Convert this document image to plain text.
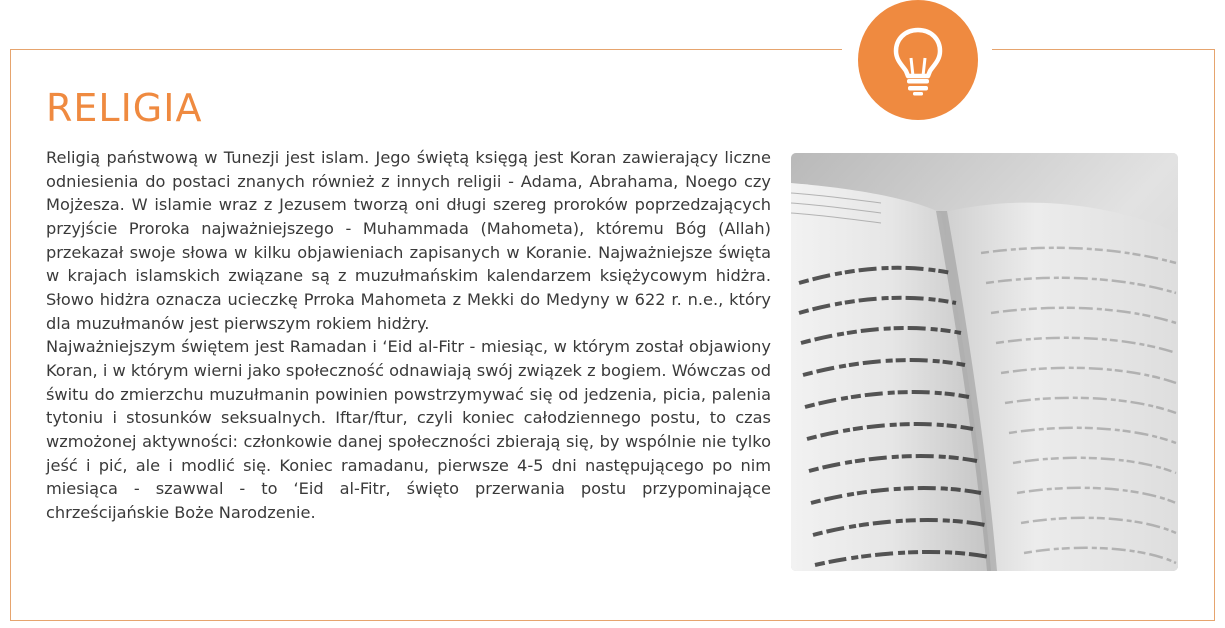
RELIGIA

Religią państwową w Tunezji jest islam. Jego świętą księgą jest Koran zawierający liczne odniesienia do postaci znanych również z innych religii - Adama, Abrahama, Noego czy Mojżesza. W islamie wraz z Jezusem tworzą oni długi szereg proroków poprzedzających przyjście Proroka najważniejszego - Muhammada (Mahometa), któremu Bóg (Allah) przekazał swoje słowa w kilku objawieniach zapisanych w Koranie. Najważniejsze święta w krajach islamskich związane są z muzułmańskim kalendarzem księżycowym hidżra. Słowo hidżra oznacza ucieczkę Prroka Mahometa z Mekki do Medyny w 622 r. n.e., który dla muzułmanów jest pierwszym rokiem hidżry.

Najważniejszym świętem jest Ramadan i ‘Eid al-Fitr - miesiąc, w którym został objawiony Koran, i w którym wierni jako społeczność odnawiają swój związek z bogiem. Wówczas od świtu do zmierzchu muzułmanin powinien powstrzymywać się od jedzenia, picia, palenia tytoniu i stosunków seksualnych. Iftar/ftur, czyli koniec całodziennego postu, to czas wzmożonej aktywności: członkowie danej społeczności zbierają się, by wspólnie nie tylko jeść i pić, ale i modlić się. Koniec ramadanu, pierwsze 4-5 dni następującego po nim miesiąca - szawwal - to ‘Eid al-Fitr, święto przerwania postu przypominające chrześcijańskie Boże Narodzenie.
